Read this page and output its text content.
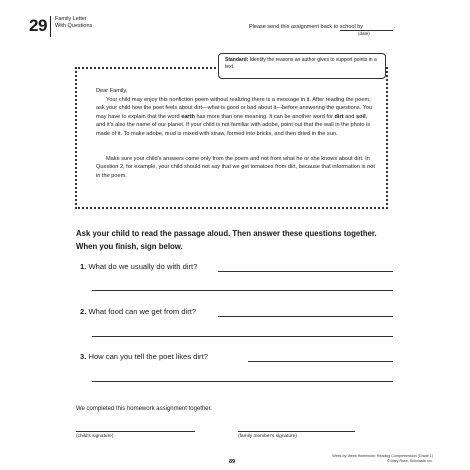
29 Family Letter
With Questions	Please send this assignment back to school by	.
(date)
Standard: Identify the reasons an author gives to support points in a text.
Dear Family,

Your child may enjoy this nonfiction poem without realizing there is a message in it. After reading the poem, ask your child how the poet feels about dirt—what is good or bad about it—before answering the questions. You may have to explain that the word earth has more than one meaning. It can be another word for dirt and soil, and it's also the name of our planet. If your child is not familiar with adobe, point out that the wall in the photo is made of it. To make adobe, mud is mixed with straw, formed into bricks, and then dried in the sun.

Make sure your child's answers come only from the poem and not from what he or she knows about dirt. In Question 2, for example, your child should not say that we get tomatoes from dirt, because that information is not in the poem.

Ask your child to read the passage aloud. Then answer these questions together. When you finish, sign below.
1. What do we usually do with dirt?
2. What food can we get from dirt?
3. How can you tell the poet likes dirt?
We completed this homework assignment together.
(child's signature)	(family member's signature)
89
Week-by-Week Homework: Reading Comprehension (Grade 1)
© Mary Rose, Scholastic Inc.
